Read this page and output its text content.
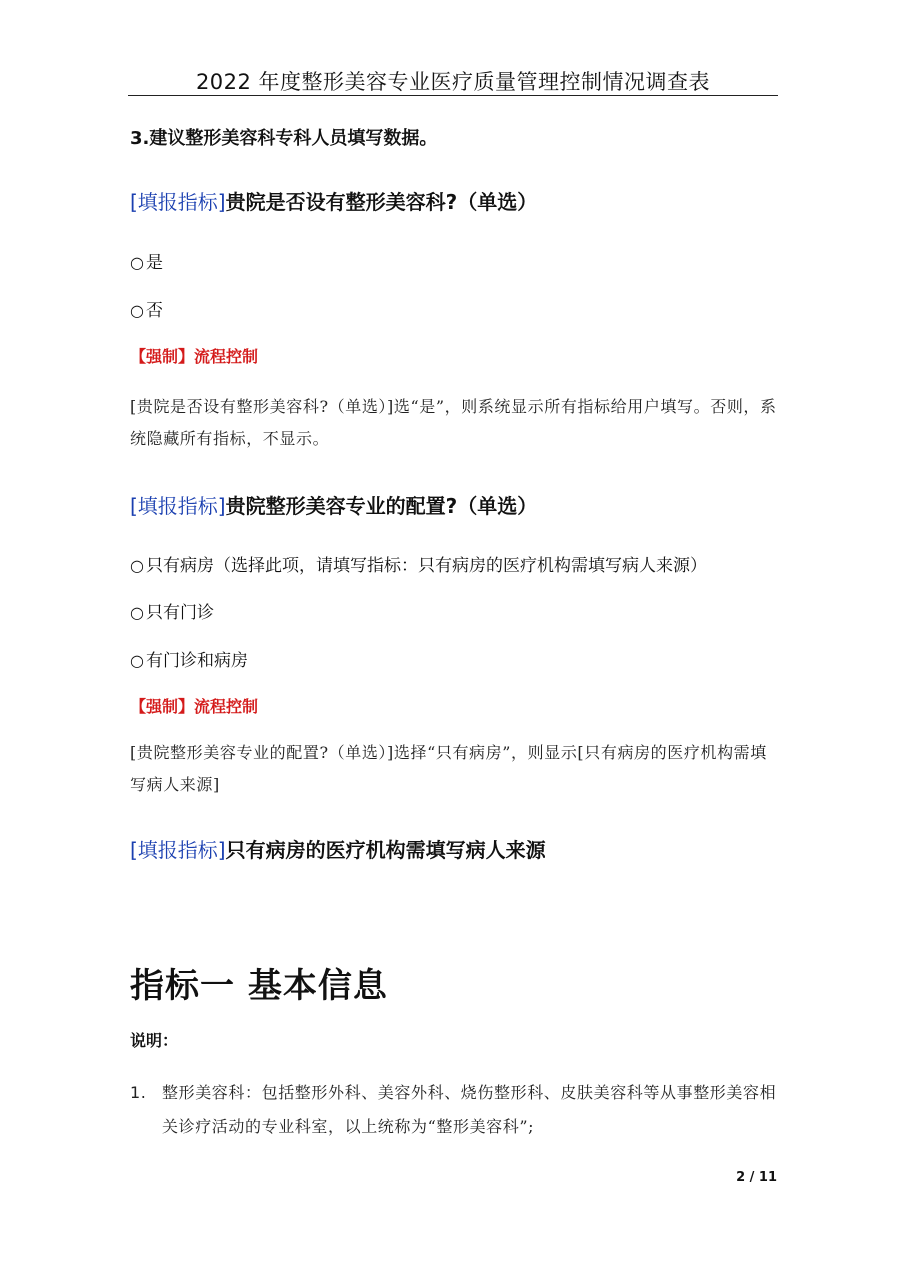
2022 年度整形美容专业医疗质量管理控制情况调查表
3.建议整形美容科专科人员填写数据。
[填报指标]贵院是否设有整形美容科?（单选）
○ 是
○ 否
【强制】流程控制
[贵院是否设有整形美容科?（单选）]选“是”，则系统显示所有指标给用户填写。否则，系统隐藏所有指标，不显示。
[填报指标]贵院整形美容专业的配置?（单选）
○ 只有病房（选择此项，请填写指标：只有病房的医疗机构需填写病人来源）
○ 只有门诊
○ 有门诊和病房
【强制】流程控制
[贵院整形美容专业的配置?（单选）]选择“只有病房”，则显示[只有病房的医疗机构需填写病人来源]
[填报指标]只有病房的医疗机构需填写病人来源
指标一 基本信息
说明：
1. 整形美容科：包括整形外科、美容外科、烧伤整形科、皮肤美容科等从事整形美容相关诊疗活动的专业科室，以上统称为“整形美容科”;
2 / 11
